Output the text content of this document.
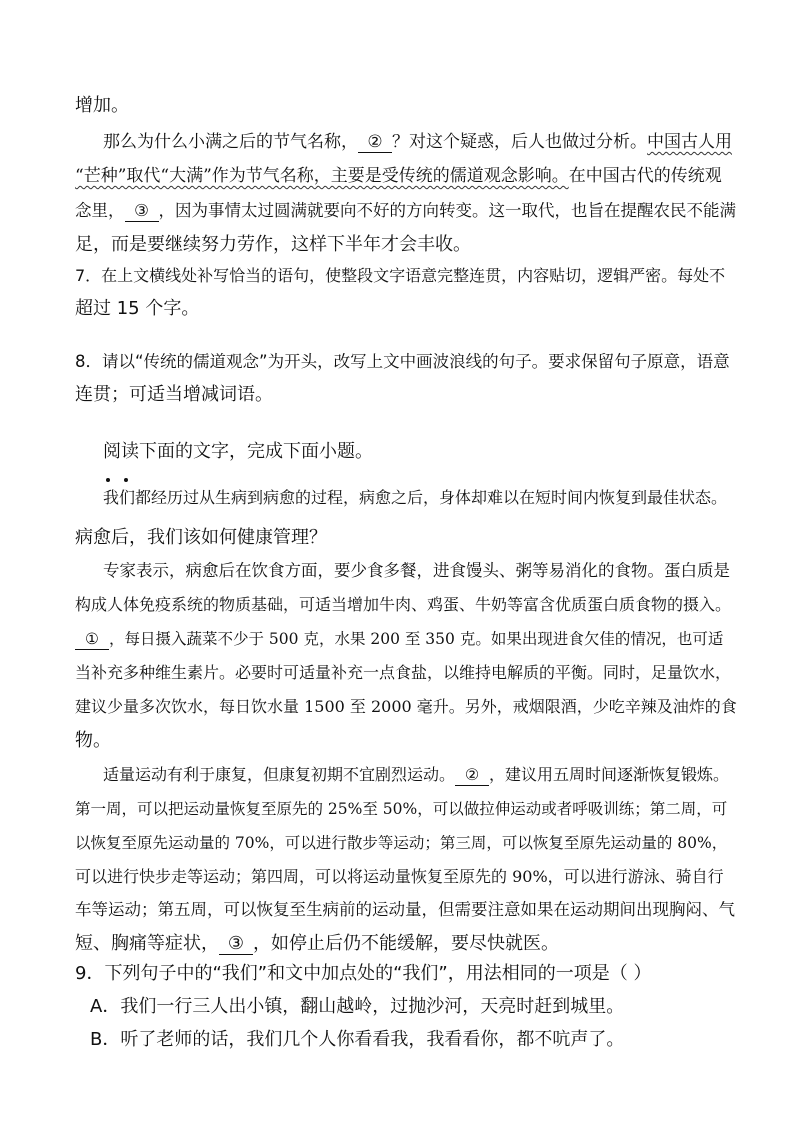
增加。
那么为什么小满之后的节气名称， ② ？对这个疑惑，后人也做过分析。中国古人用
“芒种”取代“大满”作为节气名称，主要是受传统的儒道观念影响。在中国古代的传统观
念里， ③ ，因为事情太过圆满就要向不好的方向转变。这一取代，也旨在提醒农民不能满
足，而是要继续努力劳作，这样下半年才会丰收。
7．在上文横线处补写恰当的语句，使整段文字语意完整连贯，内容贴切，逻辑严密。每处不
超过 15 个字。
8．请以“传统的儒道观念”为开头，改写上文中画波浪线的句子。要求保留句子原意，语意
连贯；可适当增减词语。
阅读下面的文字，完成下面小题。
我们都经历过从生病到病愈的过程，病愈之后，身体却难以在短时间内恢复到最佳状态。
病愈后，我们该如何健康管理？
专家表示，病愈后在饮食方面，要少食多餐，进食馒头、粥等易消化的食物。蛋白质是
构成人体免疫系统的物质基础，可适当增加牛肉、鸡蛋、牛奶等富含优质蛋白质食物的摄入。
① ，每日摄入蔬菜不少于 500 克，水果 200 至 350 克。如果出现进食欠佳的情况，也可适
当补充多种维生素片。必要时可适量补充一点食盐，以维持电解质的平衡。同时，足量饮水，
建议少量多次饮水，每日饮水量 1500 至 2000 毫升。另外，戒烟限酒，少吃辛辣及油炸的食
物。
适量运动有利于康复，但康复初期不宜剧烈运动。 ② ，建议用五周时间逐渐恢复锻炼。
第一周，可以把运动量恢复至原先的 25%至 50%，可以做拉伸运动或者呼吸训练；第二周，可
以恢复至原先运动量的 70%，可以进行散步等运动；第三周，可以恢复至原先运动量的 80%，
可以进行快步走等运动；第四周，可以将运动量恢复至原先的 90%，可以进行游泳、骑自行
车等运动；第五周，可以恢复至生病前的运动量，但需要注意如果在运动期间出现胸闷、气
短、胸痛等症状， ③ ，如停止后仍不能缓解，要尽快就医。
9．下列句子中的“我们”和文中加点处的“我们”，用法相同的一项是（ ）
A．我们一行三人出小镇，翻山越岭，过抛沙河，天亮时赶到城里。
B．听了老师的话，我们几个人你看看我，我看看你，都不吭声了。
